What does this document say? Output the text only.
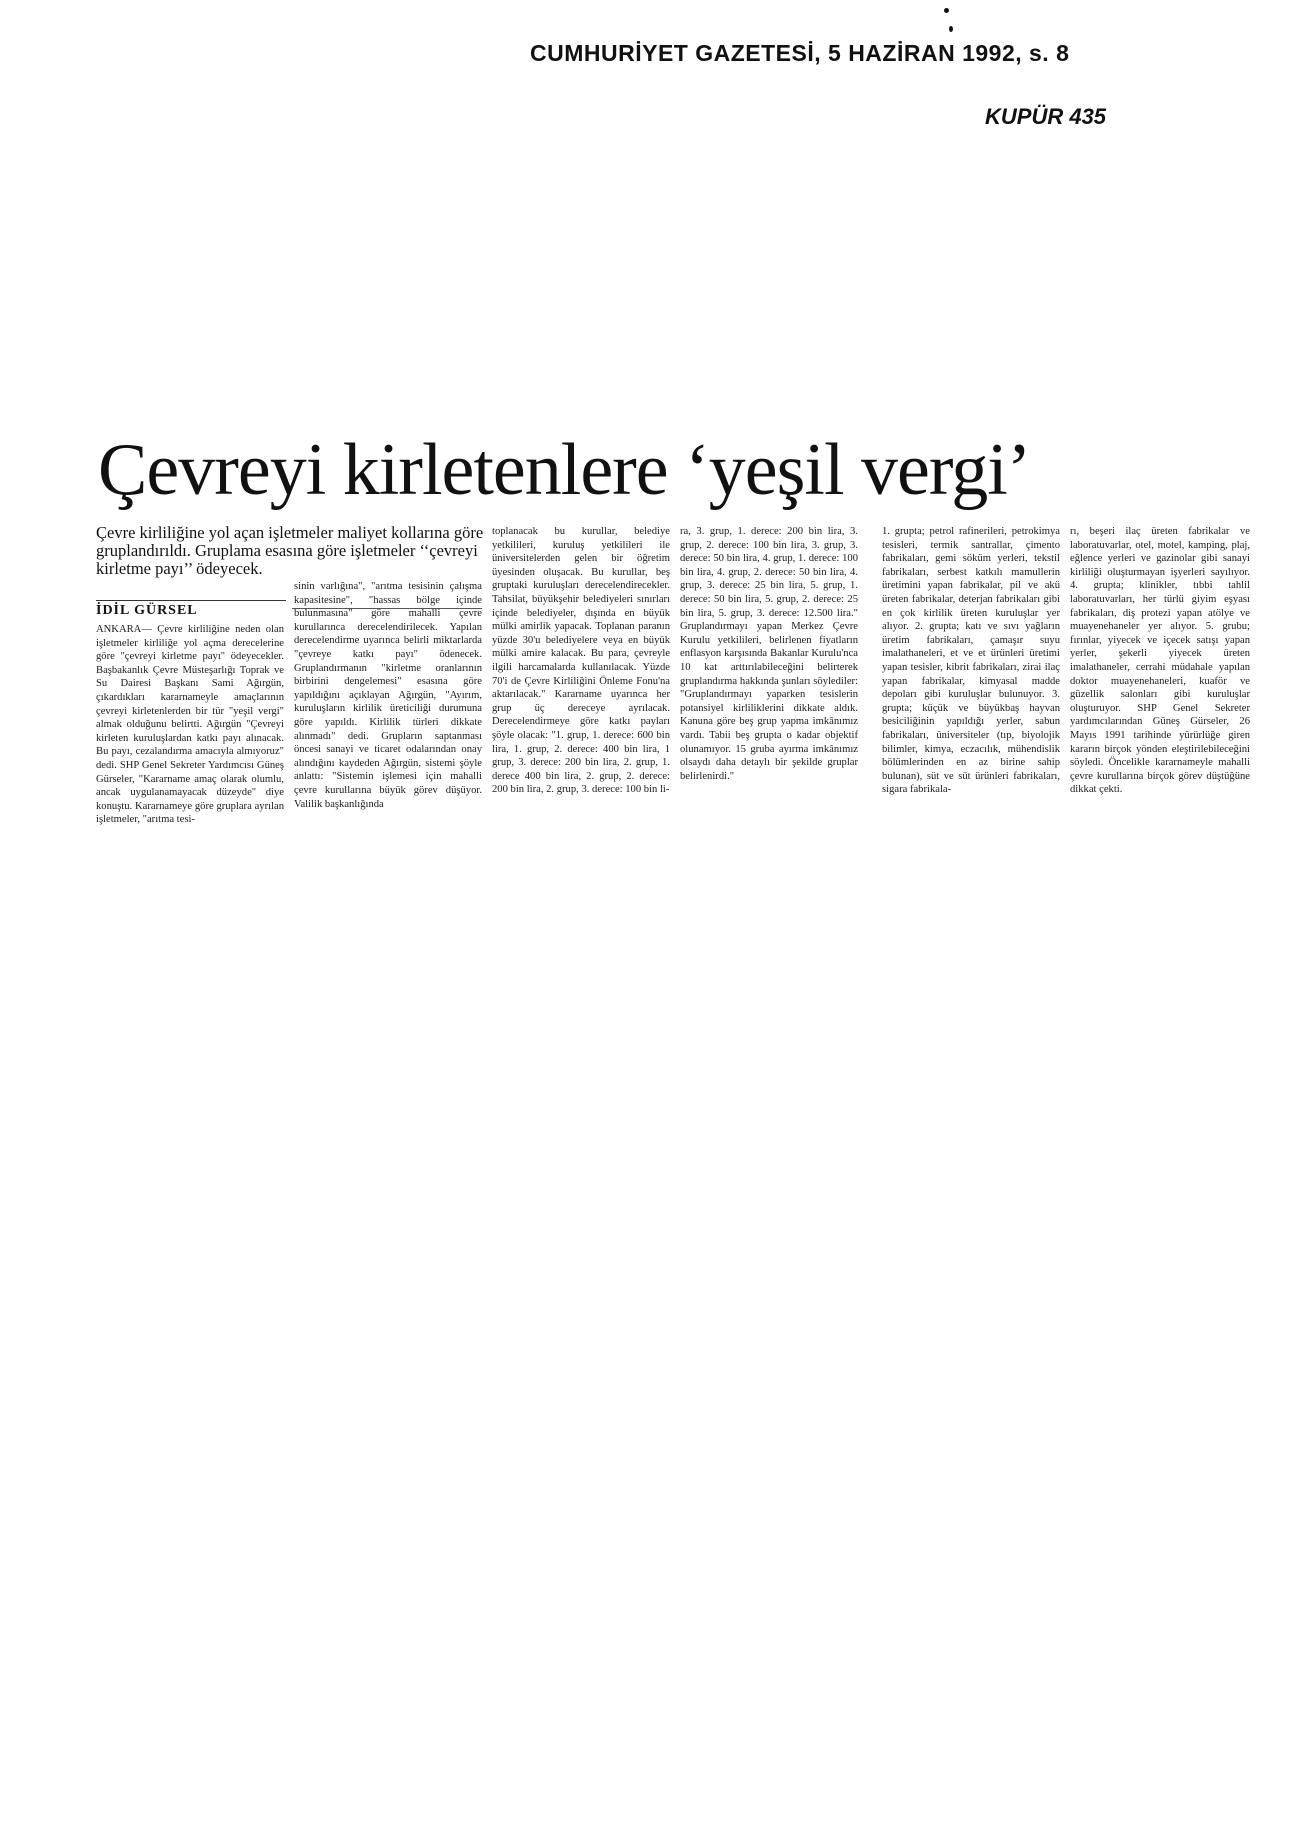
CUMHURİYET GAZETESİ, 5 HAZİRAN 1992, s. 8
KUPÜR 435
Çevreyi kirletenlere ‘yeşil vergi’
Çevre kirliliğine yol açan işletmeler maliyet kollarına göre gruplandırıldı. Gruplama esasına göre işletmeler ‘‘çevreyi kirletme payı’’ ödeyecek.
İDİL GÜRSEL

ANKARA— Çevre kirliliğine neden olan işletmeler kirliliğe yol açma derecelerine göre "çevreyi kirletme payı" ödeyecekler. Başbakanlık Çevre Müsteşarlığı Toprak ve Su Dairesi Başkanı Sami Ağırgün, çıkardıkları kararnameyle amaçlarının çevreyi kirletenlerden bir tür "yeşil vergi" almak olduğunu belirtti. Ağırgün "Çevreyi kirleten kuruluşlardan katkı payı alınacak. Bu payı, cezalandırma amacıyla almıyoruz" dedi. SHP Genel Sekreter Yardımcısı Güneş Gürseler, "Kararname amaç olarak olumlu, ancak uygulanamayacak düzeyde" diye konuştu. Kararnameye göre gruplara ayrılan işletmeler, "arıtma tesi-

sinin varlığına", "arıtma tesisinin çalışma kapasitesine", "hassas bölge içinde bulunmasına" göre mahalli çevre kurullarınca derecelendirilecek. Yapılan derecelendirme uyarınca belirli miktarlarda "çevreye katkı payı" ödenecek. Gruplandırmanın "kirletme oranlarının birbirini dengelemesi" esasına göre yapıldığını açıklayan Ağırgün, "Ayırım, kuruluşların kirlilik üreticiliği durumuna göre yapıldı. Kirlilik türleri dikkate alınmadı" dedi. Grupların saptanması öncesi sanayi ve ticaret odalarından onay alındığını kaydeden Ağırgün, sistemi şöyle anlattı: "Sistemin işlemesi için mahalli çevre kurullarına büyük görev düşüyor. Valilik başkanlığında

toplanacak bu kurullar, belediye yetkilileri, kuruluş yetkilileri ile üniversitelerden gelen bir öğretim üyesinden oluşacak. Bu kurullar, beş gruptaki kuruluşları derecelendirecekler. Tahsilat, büyükşehir belediyeleri sınırları içinde belediyeler, dışında en büyük mülki amirlik yapacak. Toplanan paranın yüzde 30'u belediyelere veya en büyük mülki amire kalacak. Bu para, çevreyle ilgili harcamalarda kullanılacak. Yüzde 70'i de Çevre Kirliliğini Önleme Fonu'na aktarılacak." Kararname uyarınca her grup üç dereceye ayrılacak. Derecelendirmeye göre katkı payları şöyle olacak: "1. grup, 1. derece: 600 bin lira, 1. grup, 2. derece: 400 bin lira, 1 grup, 3. derece: 200 bin lira, 2. grup, 1. derece 400 bin lira, 2. grup, 2. derece: 200 bin lira, 2. grup, 3. derece: 100 bin li-

ra, 3. grup, 1. derece: 200 bin lira, 3. grup, 2. derece: 100 bin lira, 3. grup, 3. derece: 50 bin lira, 4. grup, 1. derece: 100 bin lira, 4. grup, 2. derece: 50 bin lira, 4. grup, 3. derece: 25 bin lira, 5. grup, 1. derece: 50 bin lira, 5. grup, 2. derece: 25 bin lira, 5. grup, 3. derece: 12.500 lira." Gruplandırmayı yapan Merkez Çevre Kurulu yetkilileri, belirlenen fiyatların enflasyon karşısında Bakanlar Kurulu'nca 10 kat arttırılabileceğini belirterek gruplandırma hakkında şunları söylediler: "Gruplandırmayı yaparken tesislerin potansiyel kirliliklerini dikkate aldık. Kanuna göre beş grup yapma imkânımız vardı. Tabii beş grupta o kadar objektif olunamıyor. 15 gruba ayırma imkânımız olsaydı daha detaylı bir şekilde gruplar belirlenirdi."

1. grupta; petrol rafinerileri, petrokimya tesisleri, termik santrallar, çimento fabrikaları, gemi söküm yerleri, tekstil fabrikaları, serbest katkılı mamullerin üretimini yapan fabrikalar, pil ve akü üreten fabrikalar, deterjan fabrikaları gibi en çok kirlilik üreten kuruluşlar yer alıyor. 2. grupta; katı ve sıvı yağların üretim fabrikaları, çamaşır suyu imalathaneleri, et ve et ürünleri üretimi yapan tesisler, kibrit fabrikaları, zirai ilaç yapan fabrikalar, kimyasal madde depoları gibi kuruluşlar bulunuyor. 3. grupta; küçük ve büyükbaş hayvan besiciliğinin yapıldığı yerler, sabun fabrikaları, üniversiteler (tıp, biyolojik bilimler, kimya, eczacılık, mühendislik bölümlerinden en az birine sahip bulunan), süt ve süt ürünleri fabrikaları, sigara fabrikala-

rı, beşeri ilaç üreten fabrikalar ve laboratuvarlar, otel, motel, kamping, plaj, eğlence yerleri ve gazinolar gibi sanayi kirliliği oluşturmayan işyerleri sayılıyor. 4. grupta; klinikler, tıbbi tahlil laboratuvarları, her türlü giyim eşyası fabrikaları, diş protezi yapan atölye ve muayenehaneler yer alıyor. 5. grubu; fırınlar, yiyecek ve içecek satışı yapan yerler, şekerli yiyecek üreten imalathaneler, cerrahi müdahale yapılan doktor muayenehaneleri, kuaför ve güzellik salonları gibi kuruluşlar oluşturuyor. SHP Genel Sekreter yardımcılarından Güneş Gürseler, 26 Mayıs 1991 tarihinde yürürlüğe giren kararın birçok yönden eleştirilebileceğini söyledi. Öncelikle kararnameyle mahalli çevre kurullarına birçok görev düştüğüne dikkat çekti.
